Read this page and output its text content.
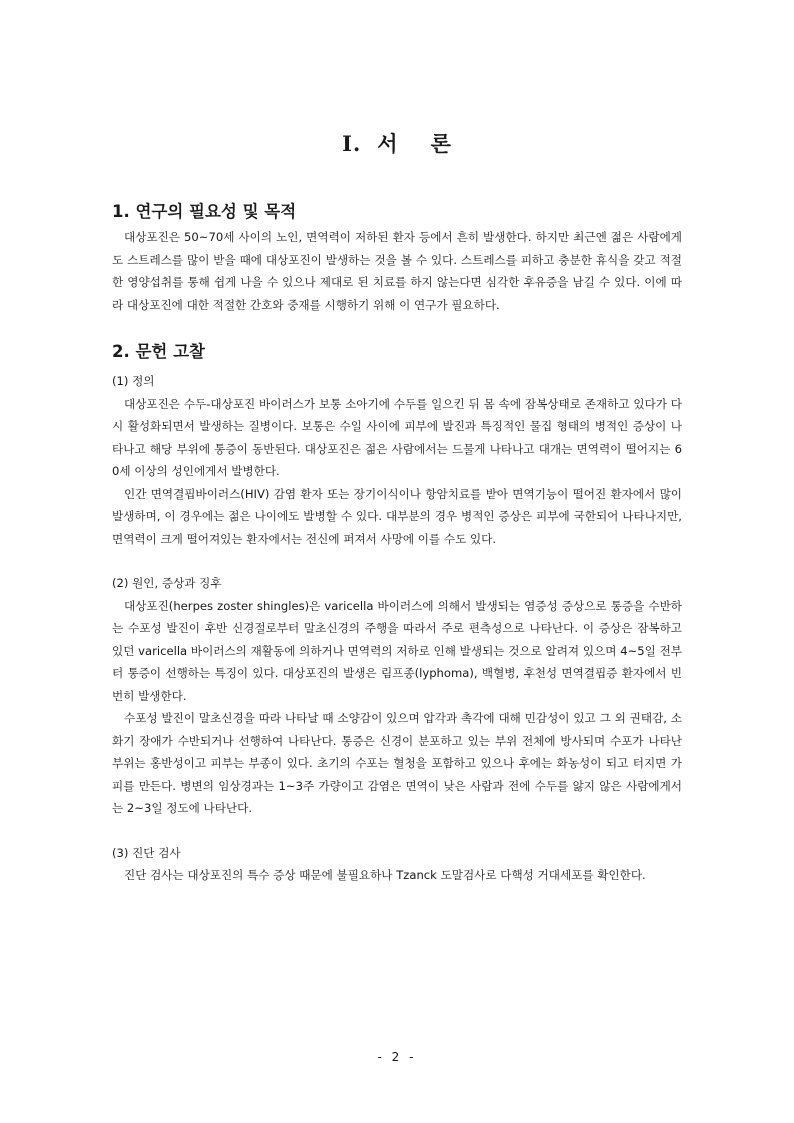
I. 서 론
1. 연구의 필요성 및 목적

대상포진은 50~70세 사이의 노인, 면역력이 저하된 환자 등에서 흔히 발생한다. 하지만 최근엔 젊은 사람에게도 스트레스를 많이 받을 때에 대상포진이 발생하는 것을 볼 수 있다. 스트레스를 피하고 충분한 휴식을 갖고 적절한 영양섭취를 통해 쉽게 나을 수 있으나 제대로 된 치료를 하지 않는다면 심각한 후유증을 남길 수 있다. 이에 따라 대상포진에 대한 적절한 간호와 중재를 시행하기 위해 이 연구가 필요하다.

2. 문헌 고찰

(1) 정의

대상포진은 수두-대상포진 바이러스가 보통 소아기에 수두를 일으킨 뒤 몸 속에 잠복상태로 존재하고 있다가 다시 활성화되면서 발생하는 질병이다. 보통은 수일 사이에 피부에 발진과 특징적인 물집 형태의 병적인 증상이 나타나고 해당 부위에 통증이 동반된다. 대상포진은 젊은 사람에서는 드물게 나타나고 대개는 면역력이 떨어지는 60세 이상의 성인에게서 발병한다.

인간 면역결핍바이러스(HIV) 감염 환자 또는 장기이식이나 항암치료를 받아 면역기능이 떨어진 환자에서 많이 발생하며, 이 경우에는 젊은 나이에도 발병할 수 있다. 대부분의 경우 병적인 증상은 피부에 국한되어 나타나지만, 면역력이 크게 떨어져있는 환자에서는 전신에 퍼져서 사망에 이를 수도 있다.

(2) 원인, 증상과 징후

대상포진(herpes zoster shingles)은 varicella 바이러스에 의해서 발생되는 염증성 증상으로 통증을 수반하는 수포성 발진이 후반 신경절로부터 말초신경의 주행을 따라서 주로 편측성으로 나타난다. 이 증상은 잠복하고 있던 varicella 바이러스의 재활동에 의하거나 면역력의 저하로 인해 발생되는 것으로 알려져 있으며 4~5일 전부터 통증이 선행하는 특징이 있다. 대상포진의 발생은 림프종(lyphoma), 백혈병, 후천성 면역결핍증 환자에서 빈번히 발생한다.

수포성 발진이 말초신경을 따라 나타날 때 소양감이 있으며 압각과 촉각에 대해 민감성이 있고 그 외 권태감, 소화기 장애가 수반되거나 선행하여 나타난다. 통증은 신경이 분포하고 있는 부위 전체에 방사되며 수포가 나타난 부위는 홍반성이고 피부는 부종이 있다. 초기의 수포는 혈청을 포함하고 있으나 후에는 화농성이 되고 터지면 가피를 만든다. 병변의 임상경과는 1~3주 가량이고 감염은 면역이 낮은 사람과 전에 수두를 앓지 않은 사람에게서는 2~3일 정도에 나타난다.

(3) 진단 검사

진단 검사는 대상포진의 특수 증상 때문에 불필요하나 Tzanck 도말검사로 다핵성 거대세포를 확인한다.

- 2 -
